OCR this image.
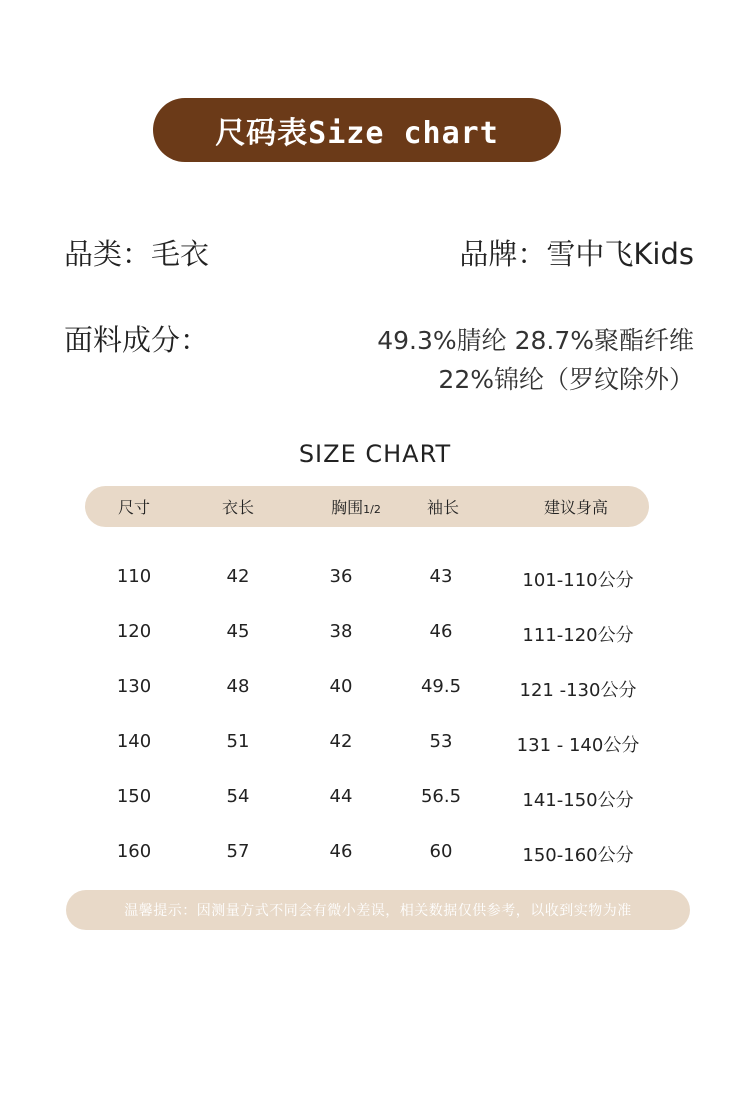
尺码表Size chart
品类：毛衣	品牌：雪中飞Kids
面料成分：	49.3%腈纶 28.7%聚酯纤维
22%锦纶（罗纹除外）
SIZE CHART
尺寸	衣长	胸围$_{1/2}$	袖长	建议身高
110	42	36	43	101-110公分
120	45	38	46	111-120公分
130	48	40	49.5	121 -130公分
140	51	42	53	131 - 140公分
150	54	44	56.5	141-150公分
160	57	46	60	150-160公分
温馨提示：因测量方式不同会有微小差误，相关数据仅供参考，以收到实物为准
